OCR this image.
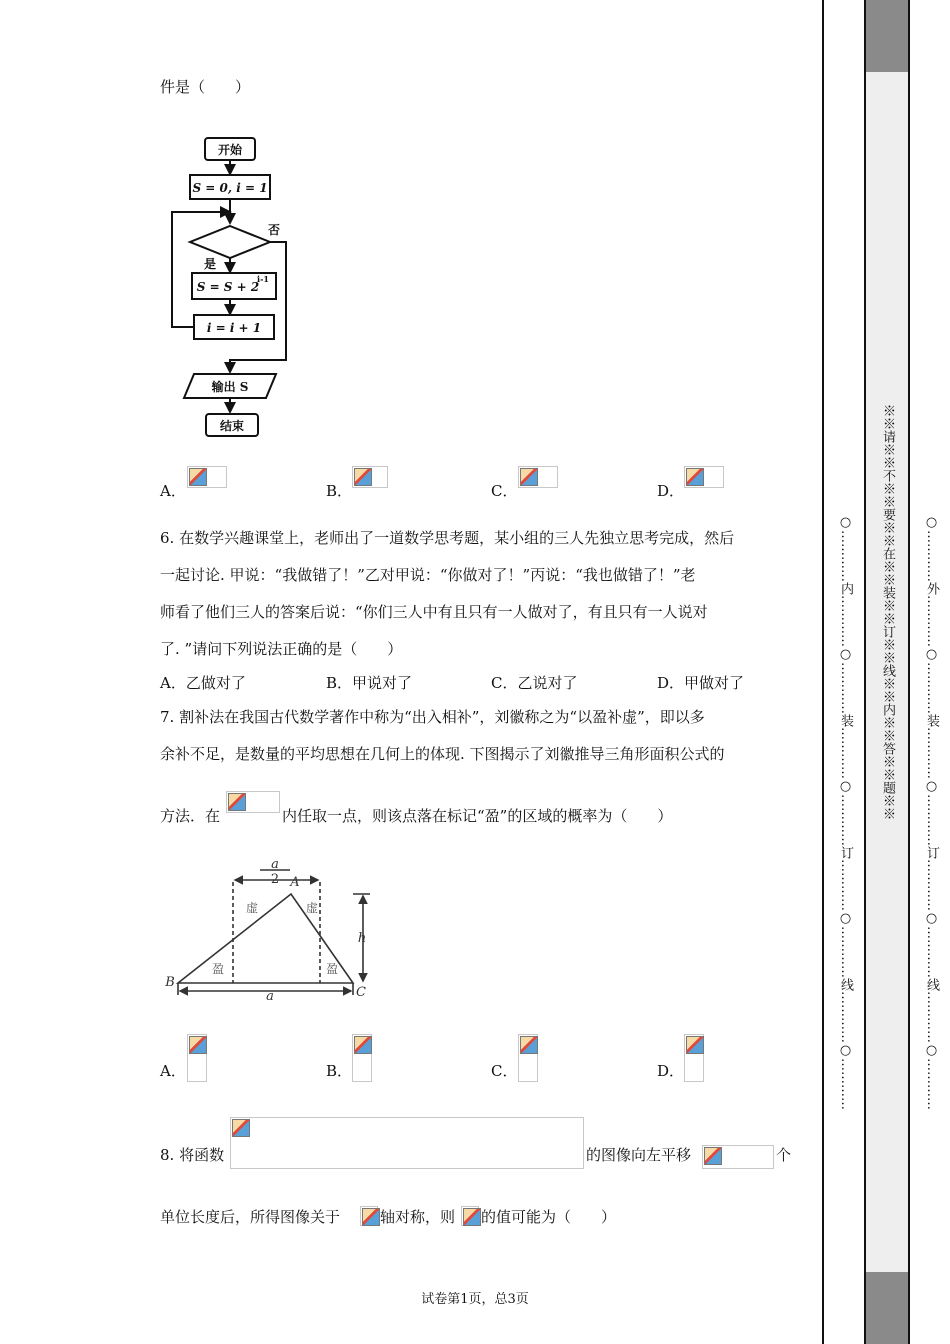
件是（　　）
开始
S = 0, i = 1
否
是
S = S + 2
i-1
i = i + 1
输出 S
结束
A．	B．	C．	D．
6. 在数学兴趣课堂上，老师出了一道数学思考题，某小组的三人先独立思考完成，然后
一起讨论. 甲说：“我做错了！”乙对甲说：“你做对了！”丙说：“我也做错了！”老
师看了他们三人的答案后说：“你们三人中有且只有一人做对了，有且只有一人说对
了. ”请问下列说法正确的是（　　）
A．乙做对了	B．甲说对了	C．乙说对了	D．甲做对了
7. 割补法在我国古代数学著作中称为“出入相补”，刘徽称之为“以盈补虚”，即以多
余补不足，是数量的平均思想在几何上的体现. 下图揭示了刘徽推导三角形面积公式的
方法．在	内任取一点，则该点落在标记“盈”的区域的概率为（　　）
a
2 A
B
C
h
a
虚	虚
盈	盈
A．	B．	C．	D．
8. 将函数	的图像向左平移	个
单位长度后，所得图像关于	轴对称，则 的值可能为（　　）
试卷第1页，总3页
※※请※※不※※要※※在※※装※※订※※线※※内※※答※※题※※
○…………内…………○…………装…………○…………订…………○…………线…………○…………	○…………外…………○…………装…………○…………订…………○…………线…………○…………
